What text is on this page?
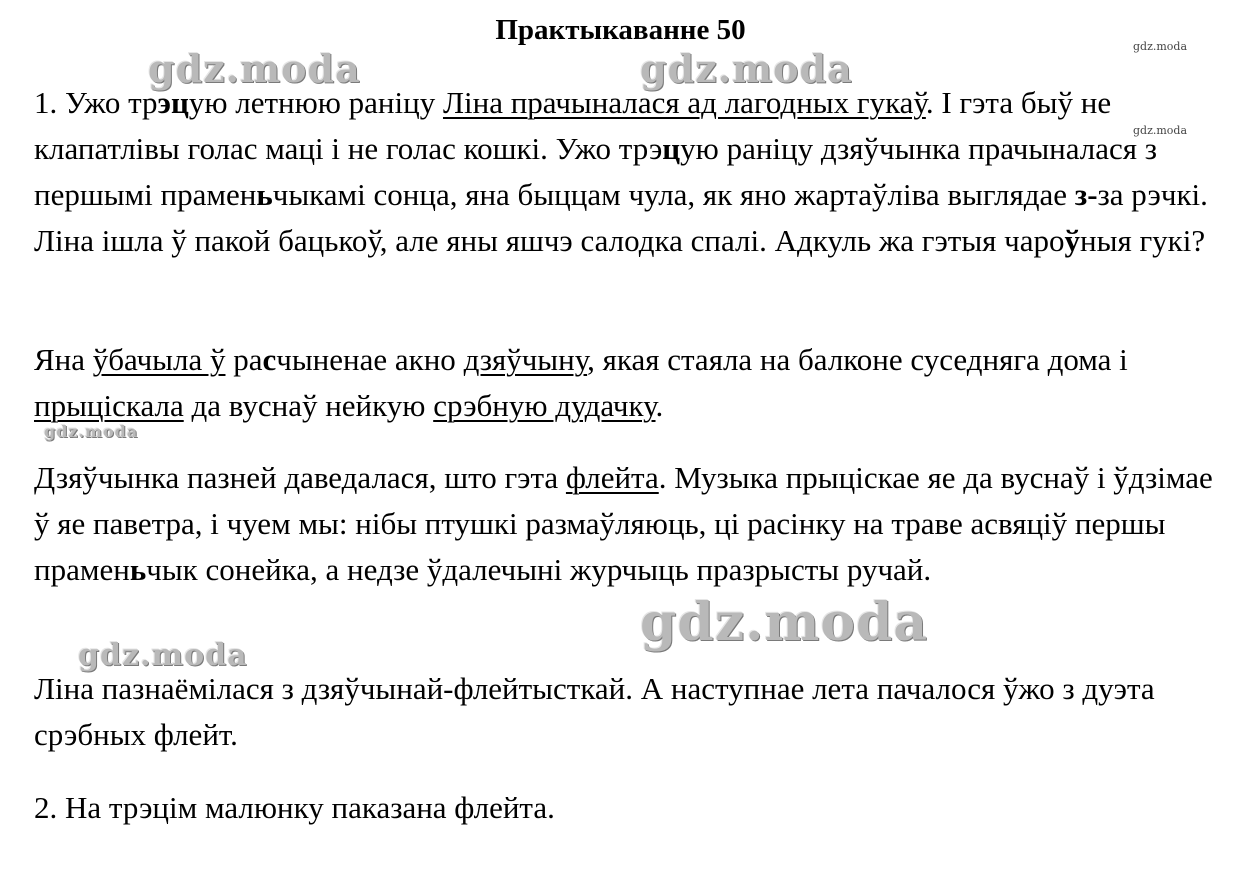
Практыкаванне 50
gdz.moda	gdz.moda	gdz.moda
gdz.moda
gdz.moda
gdz.moda
gdz.moda

1. Ужо трэцую летнюю раніцу Ліна прачыналася ад лагодных гукаў. І гэта быў не клапатлівы голас маці і не голас кошкі. Ужо трэцую раніцу дзяўчынка прачыналася з першымі праменьчыкамі сонца, яна быццам чула, як яно жартаўліва выглядае з-за рэчкі. Ліна ішла ў пакой бацькоў, але яны яшчэ салодка спалі. Адкуль жа гэтыя чароўныя гукі?

Яна ўбачыла ў расчыненае акно дзяўчыну, якая стаяла на балконе суседняга дома і прыцiскала да вуснаў нейкую срэбную дудачку.

Дзяўчынка пазней даведалася, што гэта флейта. Музыка прыціскае яе да вуснаў і ўдзімае ў яе паветра, і чуем мы: нібы птушкі размаўляюць, ці расінку на траве асвяціў першы праменьчык сонейка, а недзе ўдалечыні журчыць празрысты ручай.

Ліна пазнаёмілася з дзяўчынай-флейтысткай. А наступнае лета пачалося ўжо з дуэта срэбных флейт.

2. На трэцім малюнку паказана флейта.
